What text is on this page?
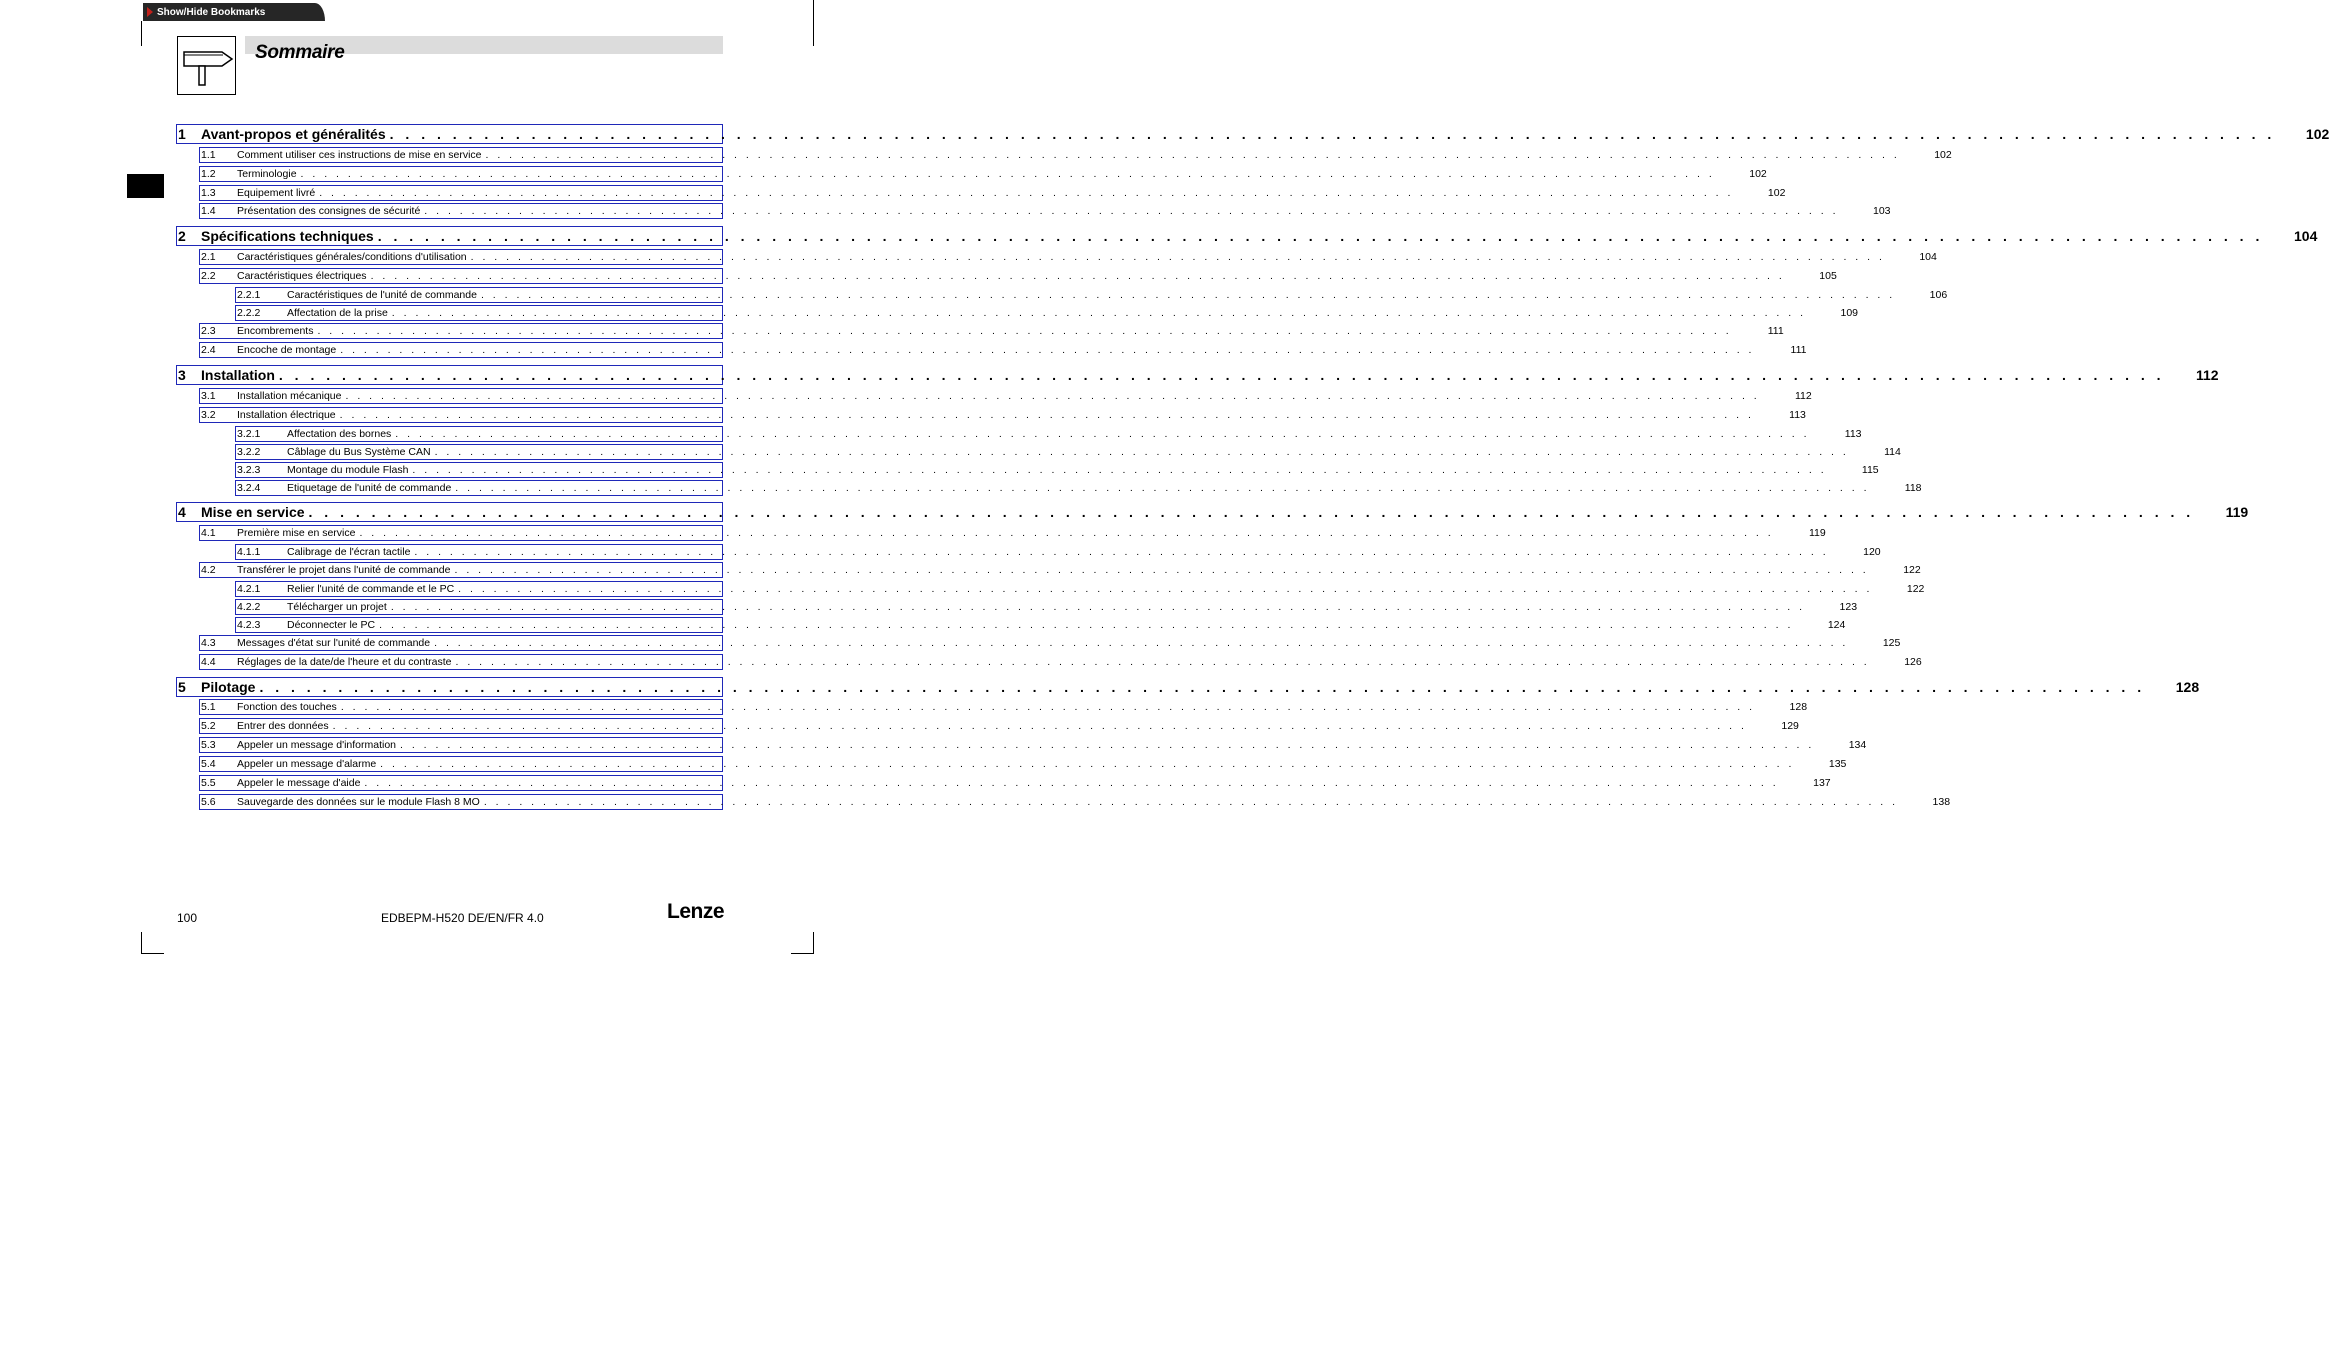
Show/Hide Bookmarks
Sommaire
1	Avant-propos et généralités . . . . . . . . . . . . . . . . . . . . . . . . . . . . . . . . . . . . . . . . . . . . . . . . . . . . . . . . . . . . . . . . . . . . . . . . . . . . . . . . . . . . . . . . . . . . . . . . . . . . . . . . . . . . . . . . . . . . . . . .	102
1.1	Comment utiliser ces instructions de mise en service . . . . . . . . . . . . . . . . . . . . . . . . . . . . . . . . . . . . . . . . . . . . . . . . . . . . . . . . . . . . . . . . . . . . . . . . . . . . . . . . . . . . . . . . . . . . . . . . . . . . . . . . . . . . . . . . . . . . . . . .	102
1.2	Terminologie . . . . . . . . . . . . . . . . . . . . . . . . . . . . . . . . . . . . . . . . . . . . . . . . . . . . . . . . . . . . . . . . . . . . . . . . . . . . . . . . . . . . . . . . . . . . . . . . . . . . . . . . . . . . . . . . . . . . . . . .	102
1.3	Equipement livré . . . . . . . . . . . . . . . . . . . . . . . . . . . . . . . . . . . . . . . . . . . . . . . . . . . . . . . . . . . . . . . . . . . . . . . . . . . . . . . . . . . . . . . . . . . . . . . . . . . . . . . . . . . . . . . . . . . . . . . .	102
1.4	Présentation des consignes de sécurité . . . . . . . . . . . . . . . . . . . . . . . . . . . . . . . . . . . . . . . . . . . . . . . . . . . . . . . . . . . . . . . . . . . . . . . . . . . . . . . . . . . . . . . . . . . . . . . . . . . . . . . . . . . . . . . . . . . . . . . .	103
2	Spécifications techniques . . . . . . . . . . . . . . . . . . . . . . . . . . . . . . . . . . . . . . . . . . . . . . . . . . . . . . . . . . . . . . . . . . . . . . . . . . . . . . . . . . . . . . . . . . . . . . . . . . . . . . . . . . . . . . . . . . . . . . . .	104
2.1	Caractéristiques générales/conditions d'utilisation . . . . . . . . . . . . . . . . . . . . . . . . . . . . . . . . . . . . . . . . . . . . . . . . . . . . . . . . . . . . . . . . . . . . . . . . . . . . . . . . . . . . . . . . . . . . . . . . . . . . . . . . . . . . . . . . . . . . . . . .	104
2.2	Caractéristiques électriques . . . . . . . . . . . . . . . . . . . . . . . . . . . . . . . . . . . . . . . . . . . . . . . . . . . . . . . . . . . . . . . . . . . . . . . . . . . . . . . . . . . . . . . . . . . . . . . . . . . . . . . . . . . . . . . . . . . . . . . .	105
2.2.1	Caractéristiques de l'unité de commande . . . . . . . . . . . . . . . . . . . . . . . . . . . . . . . . . . . . . . . . . . . . . . . . . . . . . . . . . . . . . . . . . . . . . . . . . . . . . . . . . . . . . . . . . . . . . . . . . . . . . . . . . . . . . . . . . . . . . . . .	106
2.2.2	Affectation de la prise . . . . . . . . . . . . . . . . . . . . . . . . . . . . . . . . . . . . . . . . . . . . . . . . . . . . . . . . . . . . . . . . . . . . . . . . . . . . . . . . . . . . . . . . . . . . . . . . . . . . . . . . . . . . . . . . . . . . . . . .	109
2.3	Encombrements . . . . . . . . . . . . . . . . . . . . . . . . . . . . . . . . . . . . . . . . . . . . . . . . . . . . . . . . . . . . . . . . . . . . . . . . . . . . . . . . . . . . . . . . . . . . . . . . . . . . . . . . . . . . . . . . . . . . . . . .	111
2.4	Encoche de montage . . . . . . . . . . . . . . . . . . . . . . . . . . . . . . . . . . . . . . . . . . . . . . . . . . . . . . . . . . . . . . . . . . . . . . . . . . . . . . . . . . . . . . . . . . . . . . . . . . . . . . . . . . . . . . . . . . . . . . . .	111
3	Installation . . . . . . . . . . . . . . . . . . . . . . . . . . . . . . . . . . . . . . . . . . . . . . . . . . . . . . . . . . . . . . . . . . . . . . . . . . . . . . . . . . . . . . . . . . . . . . . . . . . . . . . . . . . . . . . . . . . . . . . .	112
3.1	Installation mécanique . . . . . . . . . . . . . . . . . . . . . . . . . . . . . . . . . . . . . . . . . . . . . . . . . . . . . . . . . . . . . . . . . . . . . . . . . . . . . . . . . . . . . . . . . . . . . . . . . . . . . . . . . . . . . . . . . . . . . . . .	112
3.2	Installation électrique . . . . . . . . . . . . . . . . . . . . . . . . . . . . . . . . . . . . . . . . . . . . . . . . . . . . . . . . . . . . . . . . . . . . . . . . . . . . . . . . . . . . . . . . . . . . . . . . . . . . . . . . . . . . . . . . . . . . . . . .	113
3.2.1	Affectation des bornes . . . . . . . . . . . . . . . . . . . . . . . . . . . . . . . . . . . . . . . . . . . . . . . . . . . . . . . . . . . . . . . . . . . . . . . . . . . . . . . . . . . . . . . . . . . . . . . . . . . . . . . . . . . . . . . . . . . . . . . .	113
3.2.2	Câblage du Bus Système CAN . . . . . . . . . . . . . . . . . . . . . . . . . . . . . . . . . . . . . . . . . . . . . . . . . . . . . . . . . . . . . . . . . . . . . . . . . . . . . . . . . . . . . . . . . . . . . . . . . . . . . . . . . . . . . . . . . . . . . . . .	114
3.2.3	Montage du module Flash . . . . . . . . . . . . . . . . . . . . . . . . . . . . . . . . . . . . . . . . . . . . . . . . . . . . . . . . . . . . . . . . . . . . . . . . . . . . . . . . . . . . . . . . . . . . . . . . . . . . . . . . . . . . . . . . . . . . . . . .	115
3.2.4	Etiquetage de l'unité de commande . . . . . . . . . . . . . . . . . . . . . . . . . . . . . . . . . . . . . . . . . . . . . . . . . . . . . . . . . . . . . . . . . . . . . . . . . . . . . . . . . . . . . . . . . . . . . . . . . . . . . . . . . . . . . . . . . . . . . . . .	118
4	Mise en service . . . . . . . . . . . . . . . . . . . . . . . . . . . . . . . . . . . . . . . . . . . . . . . . . . . . . . . . . . . . . . . . . . . . . . . . . . . . . . . . . . . . . . . . . . . . . . . . . . . . . . . . . . . . . . . . . . . . . . . .	119
4.1	Première mise en service . . . . . . . . . . . . . . . . . . . . . . . . . . . . . . . . . . . . . . . . . . . . . . . . . . . . . . . . . . . . . . . . . . . . . . . . . . . . . . . . . . . . . . . . . . . . . . . . . . . . . . . . . . . . . . . . . . . . . . . .	119
4.1.1	Calibrage de l'écran tactile . . . . . . . . . . . . . . . . . . . . . . . . . . . . . . . . . . . . . . . . . . . . . . . . . . . . . . . . . . . . . . . . . . . . . . . . . . . . . . . . . . . . . . . . . . . . . . . . . . . . . . . . . . . . . . . . . . . . . . . .	120
4.2	Transférer le projet dans l'unité de commande . . . . . . . . . . . . . . . . . . . . . . . . . . . . . . . . . . . . . . . . . . . . . . . . . . . . . . . . . . . . . . . . . . . . . . . . . . . . . . . . . . . . . . . . . . . . . . . . . . . . . . . . . . . . . . . . . . . . . . . .	122
4.2.1	Relier l'unité de commande et le PC . . . . . . . . . . . . . . . . . . . . . . . . . . . . . . . . . . . . . . . . . . . . . . . . . . . . . . . . . . . . . . . . . . . . . . . . . . . . . . . . . . . . . . . . . . . . . . . . . . . . . . . . . . . . . . . . . . . . . . . .	122
4.2.2	Télécharger un projet . . . . . . . . . . . . . . . . . . . . . . . . . . . . . . . . . . . . . . . . . . . . . . . . . . . . . . . . . . . . . . . . . . . . . . . . . . . . . . . . . . . . . . . . . . . . . . . . . . . . . . . . . . . . . . . . . . . . . . . .	123
4.2.3	Déconnecter le PC . . . . . . . . . . . . . . . . . . . . . . . . . . . . . . . . . . . . . . . . . . . . . . . . . . . . . . . . . . . . . . . . . . . . . . . . . . . . . . . . . . . . . . . . . . . . . . . . . . . . . . . . . . . . . . . . . . . . . . . .	124
4.3	Messages d'état sur l'unité de commande . . . . . . . . . . . . . . . . . . . . . . . . . . . . . . . . . . . . . . . . . . . . . . . . . . . . . . . . . . . . . . . . . . . . . . . . . . . . . . . . . . . . . . . . . . . . . . . . . . . . . . . . . . . . . . . . . . . . . . . .	125
4.4	Réglages de la date/de l'heure et du contraste . . . . . . . . . . . . . . . . . . . . . . . . . . . . . . . . . . . . . . . . . . . . . . . . . . . . . . . . . . . . . . . . . . . . . . . . . . . . . . . . . . . . . . . . . . . . . . . . . . . . . . . . . . . . . . . . . . . . . . . .	126
5	Pilotage . . . . . . . . . . . . . . . . . . . . . . . . . . . . . . . . . . . . . . . . . . . . . . . . . . . . . . . . . . . . . . . . . . . . . . . . . . . . . . . . . . . . . . . . . . . . . . . . . . . . . . . . . . . . . . . . . . . . . . . .	128
5.1	Fonction des touches . . . . . . . . . . . . . . . . . . . . . . . . . . . . . . . . . . . . . . . . . . . . . . . . . . . . . . . . . . . . . . . . . . . . . . . . . . . . . . . . . . . . . . . . . . . . . . . . . . . . . . . . . . . . . . . . . . . . . . . .	128
5.2	Entrer des données . . . . . . . . . . . . . . . . . . . . . . . . . . . . . . . . . . . . . . . . . . . . . . . . . . . . . . . . . . . . . . . . . . . . . . . . . . . . . . . . . . . . . . . . . . . . . . . . . . . . . . . . . . . . . . . . . . . . . . . .	129
5.3	Appeler un message d'information . . . . . . . . . . . . . . . . . . . . . . . . . . . . . . . . . . . . . . . . . . . . . . . . . . . . . . . . . . . . . . . . . . . . . . . . . . . . . . . . . . . . . . . . . . . . . . . . . . . . . . . . . . . . . . . . . . . . . . . .	134
5.4	Appeler un message d'alarme . . . . . . . . . . . . . . . . . . . . . . . . . . . . . . . . . . . . . . . . . . . . . . . . . . . . . . . . . . . . . . . . . . . . . . . . . . . . . . . . . . . . . . . . . . . . . . . . . . . . . . . . . . . . . . . . . . . . . . . .	135
5.5	Appeler le message d'aide . . . . . . . . . . . . . . . . . . . . . . . . . . . . . . . . . . . . . . . . . . . . . . . . . . . . . . . . . . . . . . . . . . . . . . . . . . . . . . . . . . . . . . . . . . . . . . . . . . . . . . . . . . . . . . . . . . . . . . . .	137
5.6	Sauvegarde des données sur le module Flash 8 MO . . . . . . . . . . . . . . . . . . . . . . . . . . . . . . . . . . . . . . . . . . . . . . . . . . . . . . . . . . . . . . . . . . . . . . . . . . . . . . . . . . . . . . . . . . . . . . . . . . . . . . . . . . . . . . . . . . . . . . . .	138
100	EDBEPM-H520 DE/EN/FR 4.0	Lenze
